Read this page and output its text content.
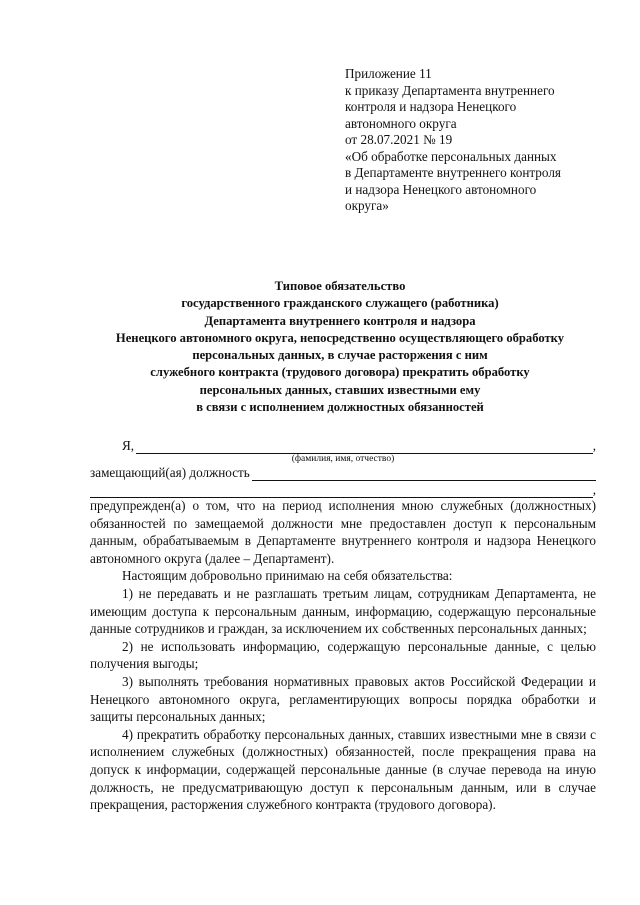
Приложение 11
к приказу Департамента внутреннего
контроля и надзора Ненецкого
автономного округа
от 28.07.2021 № 19
«Об обработке персональных данных
в Департаменте внутреннего контроля
и надзора Ненецкого автономного
округа»
Типовое обязательство
государственного гражданского служащего (работника)
Департамента внутреннего контроля и надзора
Ненецкого автономного округа, непосредственно осуществляющего обработку
персональных данных, в случае расторжения с ним
служебного контракта (трудового договора) прекратить обработку
персональных данных, ставших известными ему
в связи с исполнением должностных обязанностей
Я,	,
(фамилия, имя, отчество)
замещающий(ая) должность
,
предупрежден(а) о том, что на период исполнения мною служебных (должностных) обязанностей по замещаемой должности мне предоставлен доступ к персональным данным, обрабатываемым в Департаменте внутреннего контроля и надзора Ненецкого автономного округа (далее – Департамент).
Настоящим добровольно принимаю на себя обязательства:
1) не передавать и не разглашать третьим лицам, сотрудникам Департамента, не имеющим доступа к персональным данным, информацию, содержащую персональные данные сотрудников и граждан, за исключением их собственных персональных данных;
2) не использовать информацию, содержащую персональные данные, с целью получения выгоды;
3) выполнять требования нормативных правовых актов Российской Федерации и Ненецкого автономного округа, регламентирующих вопросы порядка обработки и защиты персональных данных;
4) прекратить обработку персональных данных, ставших известными мне в связи с исполнением служебных (должностных) обязанностей, после прекращения права на допуск к информации, содержащей персональные данные (в случае перевода на иную должность, не предусматривающую доступ к персональным данным, или в случае прекращения, расторжения служебного контракта (трудового договора).
